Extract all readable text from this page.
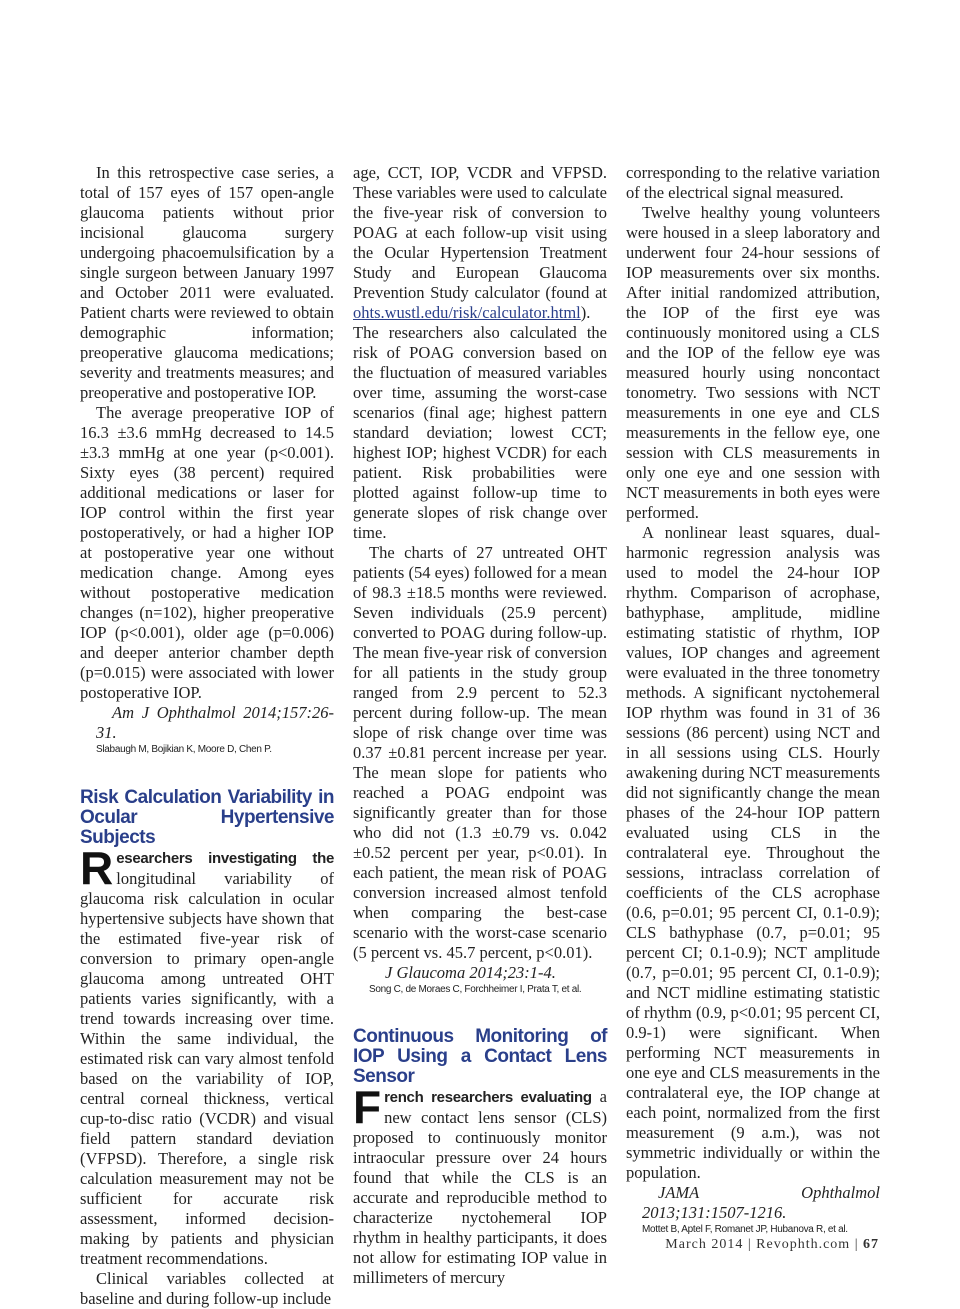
In this retrospective case series, a total of 157 eyes of 157 open-angle glaucoma patients without prior incisional glaucoma surgery undergoing phacoemulsification by a single surgeon between January 1997 and October 2011 were evaluated. Patient charts were reviewed to obtain demographic information; preoperative glaucoma medications; severity and treatments measures; and preoperative and postoperative IOP.

The average preoperative IOP of 16.3 ±3.6 mmHg decreased to 14.5 ±3.3 mmHg at one year (p<0.001). Sixty eyes (38 percent) required additional medications or laser for IOP control within the first year postoperatively, or had a higher IOP at postoperative year one without medication change. Among eyes without postoperative medication changes (n=102), higher preoperative IOP (p<0.001), older age (p=0.006) and deeper anterior chamber depth (p=0.015) were associated with lower postoperative IOP.

Am J Ophthalmol 2014;157:26-31.

Slabaugh M, Bojikian K, Moore D, Chen P.

Risk Calculation Variability in Ocular Hypertensive Subjects

Researchers investigating the longitudinal variability of glaucoma risk calculation in ocular hypertensive subjects have shown that the estimated five-year risk of conversion to primary open-angle glaucoma among untreated OHT patients varies significantly, with a trend towards increasing over time. Within the same individual, the estimated risk can vary almost tenfold based on the variability of IOP, central corneal thickness, vertical cup-to-disc ratio (VCDR) and visual field pattern standard deviation (VFPSD). Therefore, a single risk calculation measurement may not be sufficient for accurate risk assessment, informed decision-making by patients and physician treatment recommendations.

Clinical variables collected at baseline and during follow-up include

age, CCT, IOP, VCDR and VFPSD. These variables were used to calculate the five-year risk of conversion to POAG at each follow-up visit using the Ocular Hypertension Treatment Study and European Glaucoma Prevention Study calculator (found at ohts.wustl.edu/risk/calculator.html). The researchers also calculated the risk of POAG conversion based on the fluctuation of measured variables over time, assuming the worst-case scenarios (final age; highest pattern standard deviation; lowest CCT; highest IOP; highest VCDR) for each patient. Risk probabilities were plotted against follow-up time to generate slopes of risk change over time.

The charts of 27 untreated OHT patients (54 eyes) followed for a mean of 98.3 ±18.5 months were reviewed. Seven individuals (25.9 percent) converted to POAG during follow-up. The mean five-year risk of conversion for all patients in the study group ranged from 2.9 percent to 52.3 percent during follow-up. The mean slope of risk change over time was 0.37 ±0.81 percent increase per year. The mean slope for patients who reached a POAG endpoint was significantly greater than for those who did not (1.3 ±0.79 vs. 0.042 ±0.52 percent per year, p<0.01). In each patient, the mean risk of POAG conversion increased almost tenfold when comparing the best-case scenario with the worst-case scenario (5 percent vs. 45.7 percent, p<0.01).

J Glaucoma 2014;23:1-4.

Song C, de Moraes C, Forchheimer I, Prata T, et al.

Continuous Monitoring of IOP Using a Contact Lens Sensor

French researchers evaluating a new contact lens sensor (CLS) proposed to continuously monitor intraocular pressure over 24 hours found that while the CLS is an accurate and reproducible method to characterize nyctohemeral IOP rhythm in healthy participants, it does not allow for estimating IOP value in millimeters of mercury

corresponding to the relative variation of the electrical signal measured.

Twelve healthy young volunteers were housed in a sleep laboratory and underwent four 24-hour sessions of IOP measurements over six months. After initial randomized attribution, the IOP of the first eye was continuously monitored using a CLS and the IOP of the fellow eye was measured hourly using noncontact tonometry. Two sessions with NCT measurements in one eye and CLS measurements in the fellow eye, one session with CLS measurements in only one eye and one session with NCT measurements in both eyes were performed.

A nonlinear least squares, dual-harmonic regression analysis was used to model the 24-hour IOP rhythm. Comparison of acrophase, bathyphase, amplitude, midline estimating statistic of rhythm, IOP values, IOP changes and agreement were evaluated in the three tonometry methods. A significant nyctohemeral IOP rhythm was found in 31 of 36 sessions (86 percent) using NCT and in all sessions using CLS. Hourly awakening during NCT measurements did not significantly change the mean phases of the 24-hour IOP pattern evaluated using CLS in the contralateral eye. Throughout the sessions, intraclass correlation of coefficients of the CLS acrophase (0.6, p=0.01; 95 percent CI, 0.1-0.9); CLS bathyphase (0.7, p=0.01; 95 percent CI; 0.1-0.9); NCT amplitude (0.7, p=0.01; 95 percent CI, 0.1-0.9); and NCT midline estimating statistic of rhythm (0.9, p<0.01; 95 percent CI, 0.9-1) were significant. When performing NCT measurements in one eye and CLS measurements in the contralateral eye, the IOP change at each point, normalized from the first measurement (9 a.m.), was not symmetric individually or within the population.

JAMA Ophthalmol 2013;131:1507-1216.

Mottet B, Aptel F, Romanet JP, Hubanova R, et al.

March 2014 | Revophth.com | 67
